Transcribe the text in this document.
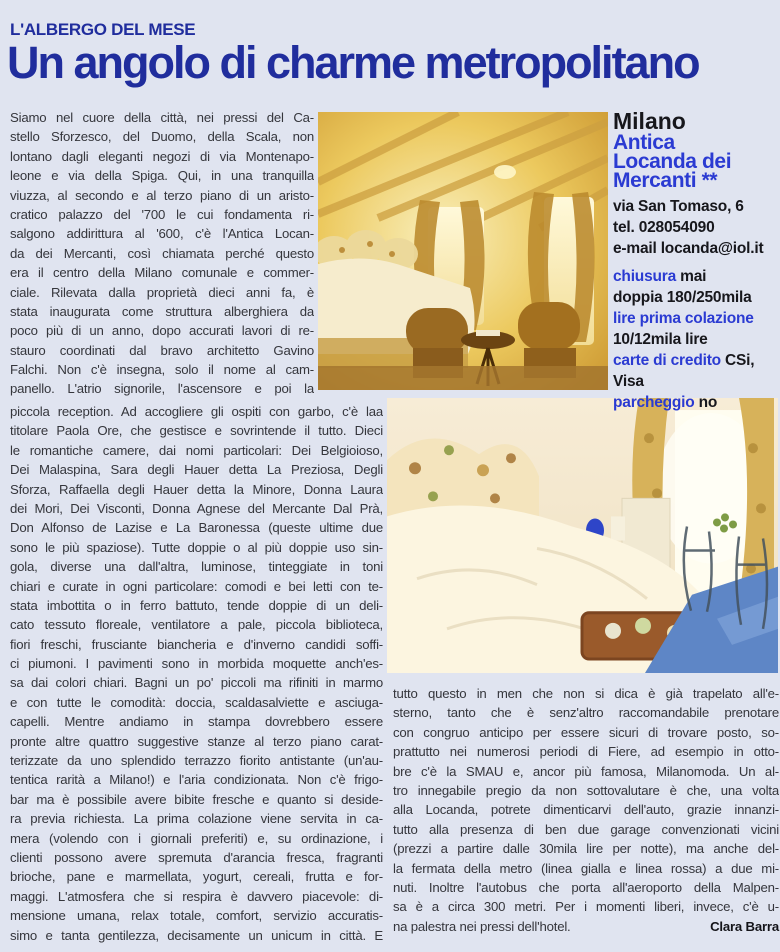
L'ALBERGO DEL MESE
Un angolo di charme metropolitano
Siamo nel cuore della città, nei pressi del Ca-
stello Sforzesco, del Duomo, della Scala, non
lontano dagli eleganti negozi di via Montenapo-
leone e via della Spiga. Qui, in una tranquilla
viuzza, al secondo e al terzo piano di un aristo-
cratico palazzo del '700 le cui fondamenta ri-
salgono addirittura al '600, c'è l'Antica Locan-
da dei Mercanti, così chiamata perché questo
era il centro della Milano comunale e commer-
ciale. Rilevata dalla proprietà dieci anni fa, è
stata inaugurata come struttura alberghiera da
poco più di un anno, dopo accurati lavori di re-
stauro coordinati dal bravo architetto Gavino
Falchi. Non c'è insegna, solo il nome al cam-
panello. L'atrio signorile, l'ascensore e poi la
piccola reception. Ad accogliere gli ospiti con garbo, c'è laa
titolare Paola Ore, che gestisce e sovrintende il tutto. Dieci
le romantiche camere, dai nomi particolari: Dei Belgioioso,
Dei Malaspina, Sara degli Hauer detta La Preziosa, Degli
Sforza, Raffaella degli Hauer detta la Minore, Donna Laura
dei Mori, Dei Visconti, Donna Agnese del Mercante Dal Prà,
Don Alfonso de Lazise e La Baronessa (queste ultime due
sono le più spaziose). Tutte doppie o al più doppie uso sin-
gola, diverse una dall'altra, luminose, tinteggiate in toni
chiari e curate in ogni particolare: comodi e bei letti con te-
stata imbottita o in ferro battuto, tende doppie di un deli-
cato tessuto floreale, ventilatore a pale, piccola biblioteca,
fiori freschi, frusciante biancheria e d'inverno candidi soffi-
ci piumoni. I pavimenti sono in morbida moquette anch'es-
sa dai colori chiari. Bagni un po' piccoli ma rifiniti in marmo
e con tutte le comodità: doccia, scaldasalviette e asciuga-
capelli. Mentre andiamo in stampa dovrebbero essere
pronte altre quattro suggestive stanze al terzo piano carat-
terizzate da uno splendido terrazzo fiorito antistante (un'au-
tentica rarità a Milano!) e l'aria condizionata. Non c'è frigo-
bar ma è possibile avere bibite fresche e quanto si deside-
ra previa richiesta. La prima colazione viene servita in ca-
mera (volendo con i giornali preferiti) e, su ordinazione, i
clienti possono avere spremuta d'arancia fresca, fragranti
brioche, pane e marmellata, yogurt, cereali, frutta e for-
maggi. L'atmosfera che si respira è davvero piacevole: di-
mensione umana, relax totale, comfort, servizio accuratis-
simo e tanta gentilezza, decisamente un unicum in città. E
tutto questo in men che non si dica è già trapelato all'e-
sterno, tanto che è senz'altro raccomandabile prenotare
con congruo anticipo per essere sicuri di trovare posto, so-
prattutto nei numerosi periodi di Fiere, ad esempio in otto-
bre c'è la SMAU e, ancor più famosa, Milanomoda. Un al-
tro innegabile pregio da non sottovalutare è che, una volta
alla Locanda, potrete dimenticarvi dell'auto, grazie innanzi-
tutto alla presenza di ben due garage convenzionati vicini
(prezzi a partire dalle 30mila lire per notte), ma anche del-
la fermata della metro (linea gialla e linea rossa) a due mi-
nuti. Inoltre l'autobus che porta all'aeroporto della Malpen-
sa è a circa 300 metri. Per i momenti liberi, invece, c'è u-
na palestra nei pressi dell'hotel.	Clara Barra
Milano
Antica
Locanda dei
Mercanti **
via San Tomaso, 6
tel. 028054090
e-mail locanda@iol.it
chiusura mai
doppia 180/250mila
lire prima colazione
10/12mila lire
carte di credito CSi,
Visa
parcheggio no
